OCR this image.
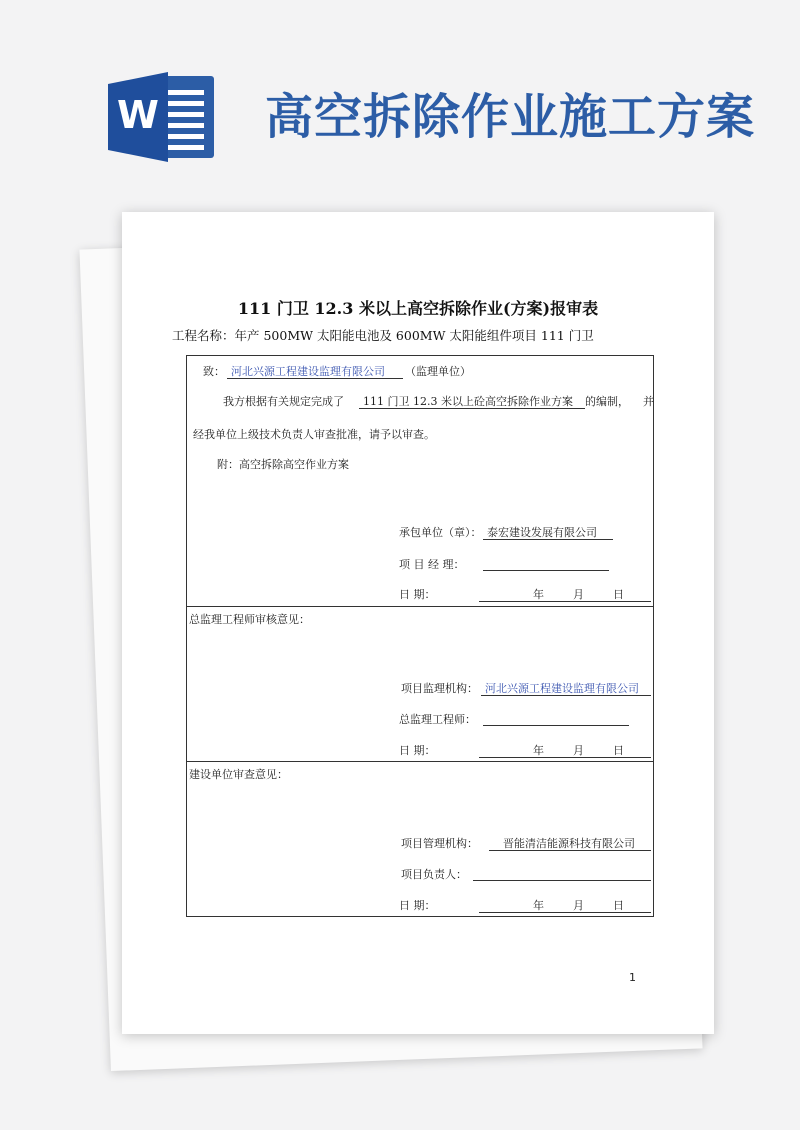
W 高空拆除作业施工方案
111 门卫 12.3 米以上高空拆除作业(方案)报审表
工程名称：年产 500MW 太阳能电池及 600MW 太阳能组件项目 111 门卫
致： 河北兴源工程建设监理有限公司 （监理单位）
我方根据有关规定完成了 111 门卫 12.3 米以上砼高空拆除作业方案 的编制， 并
经我单位上级技术负责人审查批准，请予以审查。
附：高空拆除高空作业方案
承包单位（章）： 泰宏建设发展有限公司
项 目 经 理：
日 期：	年	月	日
总监理工程师审核意见：
项目监理机构： 河北兴源工程建设监理有限公司
总监理工程师：
日 期：	年	月	日
建设单位审查意见：
项目管理机构： 晋能清洁能源科技有限公司
项目负责人：
日 期：	年	月	日
1
